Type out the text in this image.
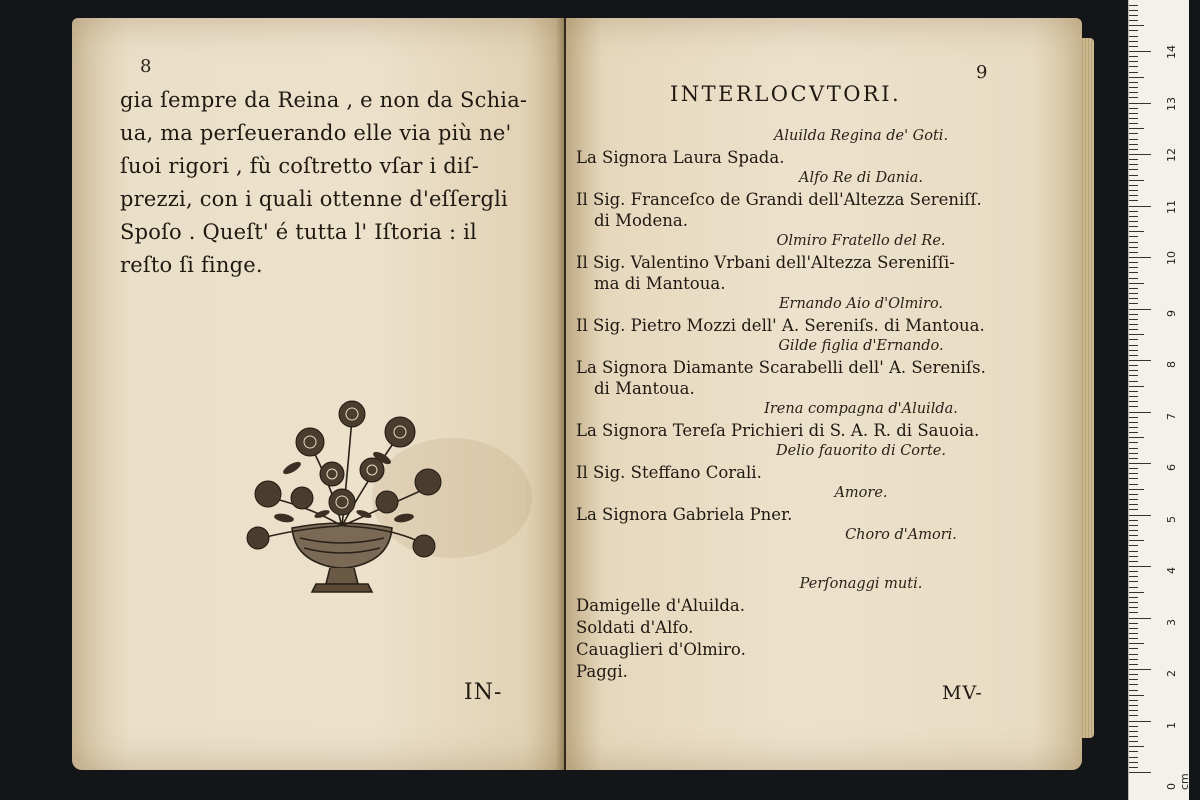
8
gia ſempre da Reina , e non da Schia-
ua, ma perſeuerando elle via più ne'
ſuoi rigori , fù coſtretto vſar i diſ-
prezzi, con i quali ottenne d'eſſergli
Spoſo . Queſt' é tutta l' Iſtoria : il
reſto ſi finge.
IN-
9
INTERLOCVTORI.
Aluilda Regina de' Goti.
La Signora Laura Spada.
Alfo Re di Dania.
Il Sig. Franceſco de Grandi dell'Altezza Sereniſſ.
di Modena.
Olmiro Fratello del Re.
Il Sig. Valentino Vrbani dell'Altezza Sereniſſi-
ma di Mantoua.
Ernando Aio d'Olmiro.
Il Sig. Pietro Mozzi dell' A. Sereniſs. di Mantoua.
Gilde figlia d'Ernando.
La Signora Diamante Scarabelli dell' A. Sereniſs.
di Mantoua.
Irena compagna d'Aluilda.
La Signora Tereſa Prichieri di S. A. R. di Sauoia.
Delio fauorito di Corte.
Il Sig. Steffano Corali.
Amore.
La Signora Gabriela Pner.
Choro d'Amori.
Perſonaggi muti.
Damigelle d'Aluilda.
Soldati d'Alfo.
Cauaglieri d'Olmiro.
Paggi.
MV-
0 cm
1
2
3
4
5
6
7
8
9
10
11
12
13
14
